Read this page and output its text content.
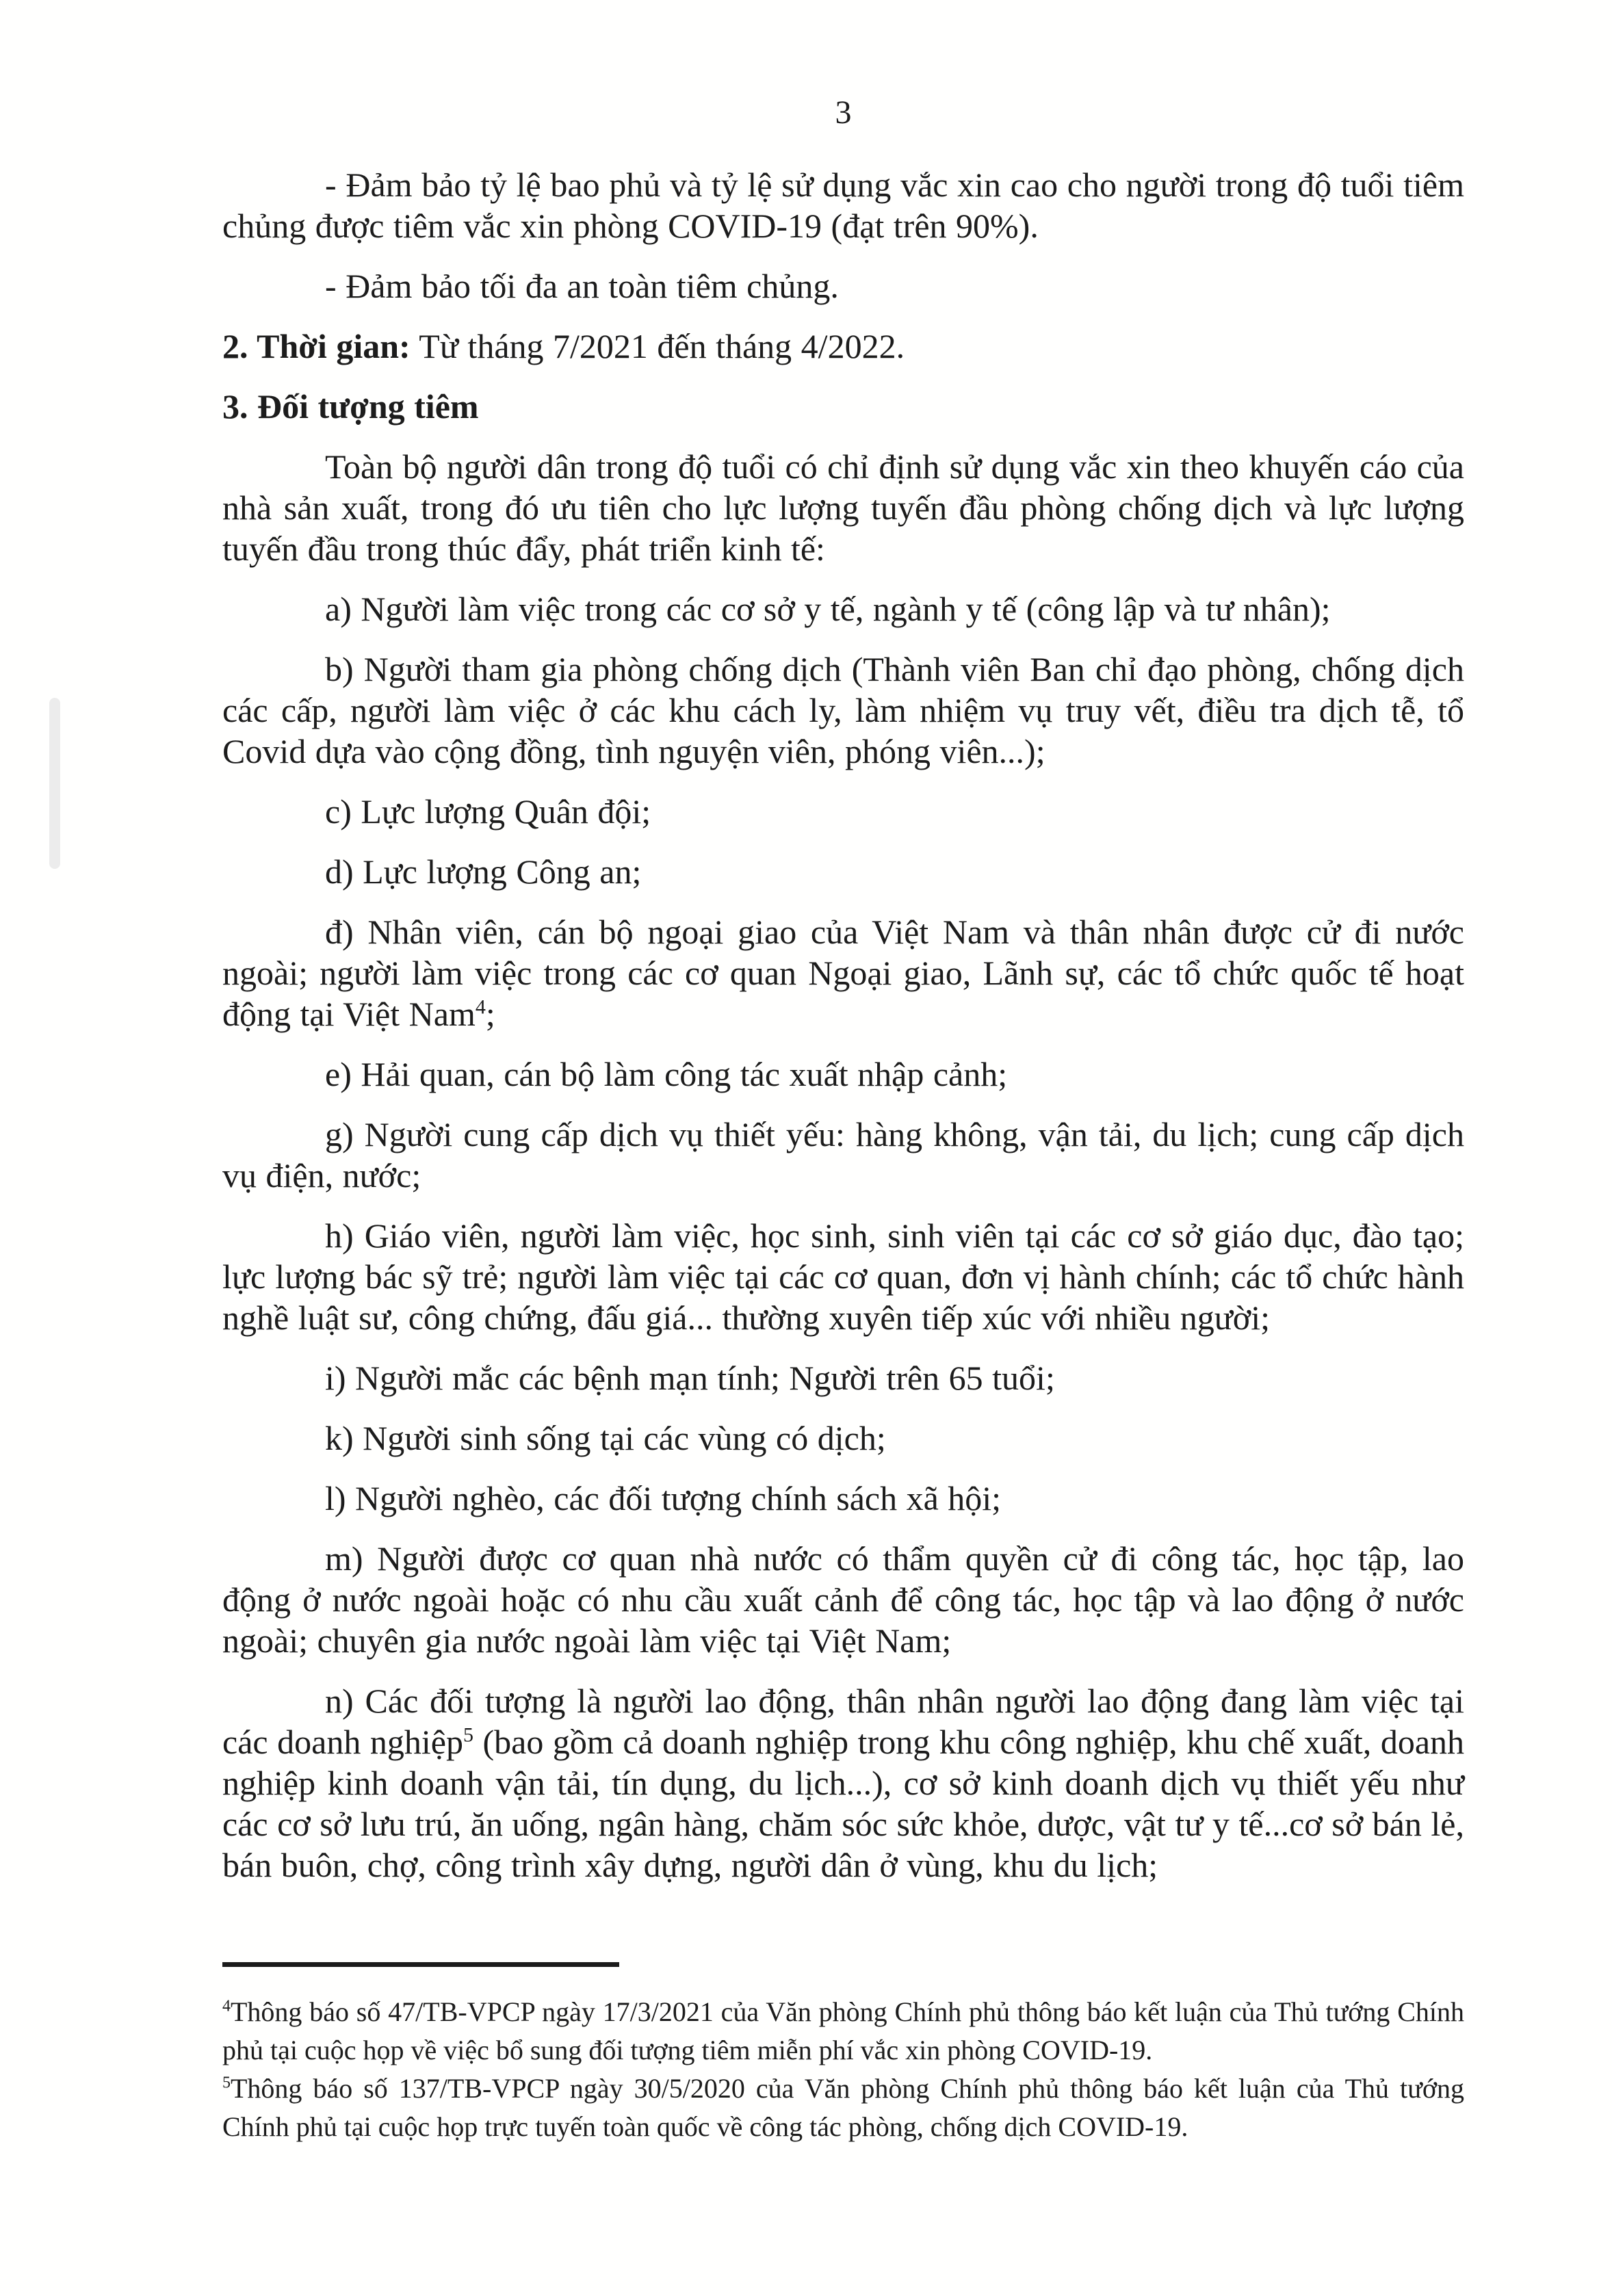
3

- Đảm bảo tỷ lệ bao phủ và tỷ lệ sử dụng vắc xin cao cho người trong độ tuổi tiêm chủng được tiêm vắc xin phòng COVID-19 (đạt trên 90%).

- Đảm bảo tối đa an toàn tiêm chủng.

2. Thời gian: Từ tháng 7/2021 đến tháng 4/2022.

3. Đối tượng tiêm

Toàn bộ người dân trong độ tuổi có chỉ định sử dụng vắc xin theo khuyến cáo của nhà sản xuất, trong đó ưu tiên cho lực lượng tuyến đầu phòng chống dịch và lực lượng tuyến đầu trong thúc đẩy, phát triển kinh tế:

a) Người làm việc trong các cơ sở y tế, ngành y tế (công lập và tư nhân);

b) Người tham gia phòng chống dịch (Thành viên Ban chỉ đạo phòng, chống dịch các cấp, người làm việc ở các khu cách ly, làm nhiệm vụ truy vết, điều tra dịch tễ, tổ Covid dựa vào cộng đồng, tình nguyện viên, phóng viên...);

c) Lực lượng Quân đội;

d) Lực lượng Công an;

đ) Nhân viên, cán bộ ngoại giao của Việt Nam và thân nhân được cử đi nước ngoài; người làm việc trong các cơ quan Ngoại giao, Lãnh sự, các tổ chức quốc tế hoạt động tại Việt Nam$^4$;

e) Hải quan, cán bộ làm công tác xuất nhập cảnh;

g) Người cung cấp dịch vụ thiết yếu: hàng không, vận tải, du lịch; cung cấp dịch vụ điện, nước;

h) Giáo viên, người làm việc, học sinh, sinh viên tại các cơ sở giáo dục, đào tạo; lực lượng bác sỹ trẻ; người làm việc tại các cơ quan, đơn vị hành chính; các tổ chức hành nghề luật sư, công chứng, đấu giá... thường xuyên tiếp xúc với nhiều người;

i) Người mắc các bệnh mạn tính; Người trên 65 tuổi;

k) Người sinh sống tại các vùng có dịch;

l) Người nghèo, các đối tượng chính sách xã hội;

m) Người được cơ quan nhà nước có thẩm quyền cử đi công tác, học tập, lao động ở nước ngoài hoặc có nhu cầu xuất cảnh để công tác, học tập và lao động ở nước ngoài; chuyên gia nước ngoài làm việc tại Việt Nam;

n) Các đối tượng là người lao động, thân nhân người lao động đang làm việc tại các doanh nghiệp$^5$ (bao gồm cả doanh nghiệp trong khu công nghiệp, khu chế xuất, doanh nghiệp kinh doanh vận tải, tín dụng, du lịch...), cơ sở kinh doanh dịch vụ thiết yếu như các cơ sở lưu trú, ăn uống, ngân hàng, chăm sóc sức khỏe, dược, vật tư y tế...cơ sở bán lẻ, bán buôn, chợ, công trình xây dựng, người dân ở vùng, khu du lịch;

$^4$Thông báo số 47/TB-VPCP ngày 17/3/2021 của Văn phòng Chính phủ thông báo kết luận của Thủ tướng Chính phủ tại cuộc họp về việc bổ sung đối tượng tiêm miễn phí vắc xin phòng COVID-19.

$^5$Thông báo số 137/TB-VPCP ngày 30/5/2020 của Văn phòng Chính phủ thông báo kết luận của Thủ tướng Chính phủ tại cuộc họp trực tuyến toàn quốc về công tác phòng, chống dịch COVID-19.
